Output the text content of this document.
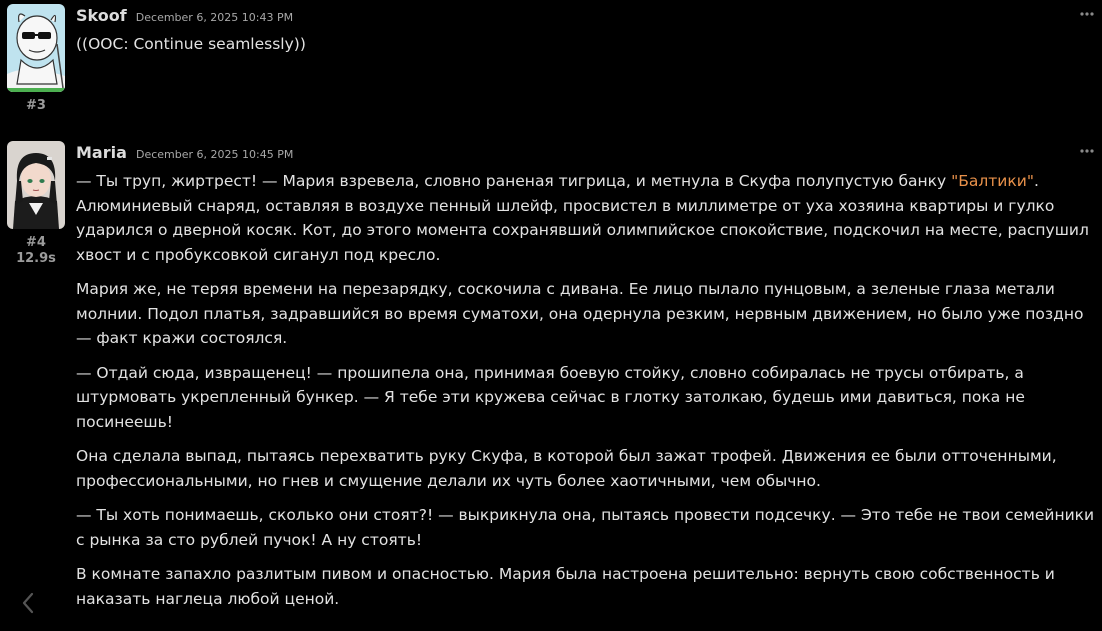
#3
Skoof December 6, 2025 10:43 PM

((OOC: Continue seamlessly))

#4
12.9s
Maria December 6, 2025 10:45 PM

— Ты труп, жиртрест! — Мария взревела, словно раненая тигрица, и метнула в Скуфа полупустую банку "Балтики". Алюминиевый снаряд, оставляя в воздухе пенный шлейф, просвистел в миллиметре от уха хозяина квартиры и гулко ударился о дверной косяк. Кот, до этого момента сохранявший олимпийское спокойствие, подскочил на месте, распушил хвост и с пробуксовкой сиганул под кресло.

Мария же, не теряя времени на перезарядку, соскочила с дивана. Ее лицо пылало пунцовым, а зеленые глаза метали молнии. Подол платья, задравшийся во время суматохи, она одернула резким, нервным движением, но было уже поздно — факт кражи состоялся.

— Отдай сюда, извращенец! — прошипела она, принимая боевую стойку, словно собиралась не трусы отбирать, а штурмовать укрепленный бункер. — Я тебе эти кружева сейчас в глотку затолкаю, будешь ими давиться, пока не посинеешь!

Она сделала выпад, пытаясь перехватить руку Скуфа, в которой был зажат трофей. Движения ее были отточенными, профессиональными, но гнев и смущение делали их чуть более хаотичными, чем обычно.

— Ты хоть понимаешь, сколько они стоят?! — выкрикнула она, пытаясь провести подсечку. — Это тебе не твои семейники с рынка за сто рублей пучок! А ну стоять!

В комнате запахло разлитым пивом и опасностью. Мария была настроена решительно: вернуть свою собственность и наказать наглеца любой ценой.
